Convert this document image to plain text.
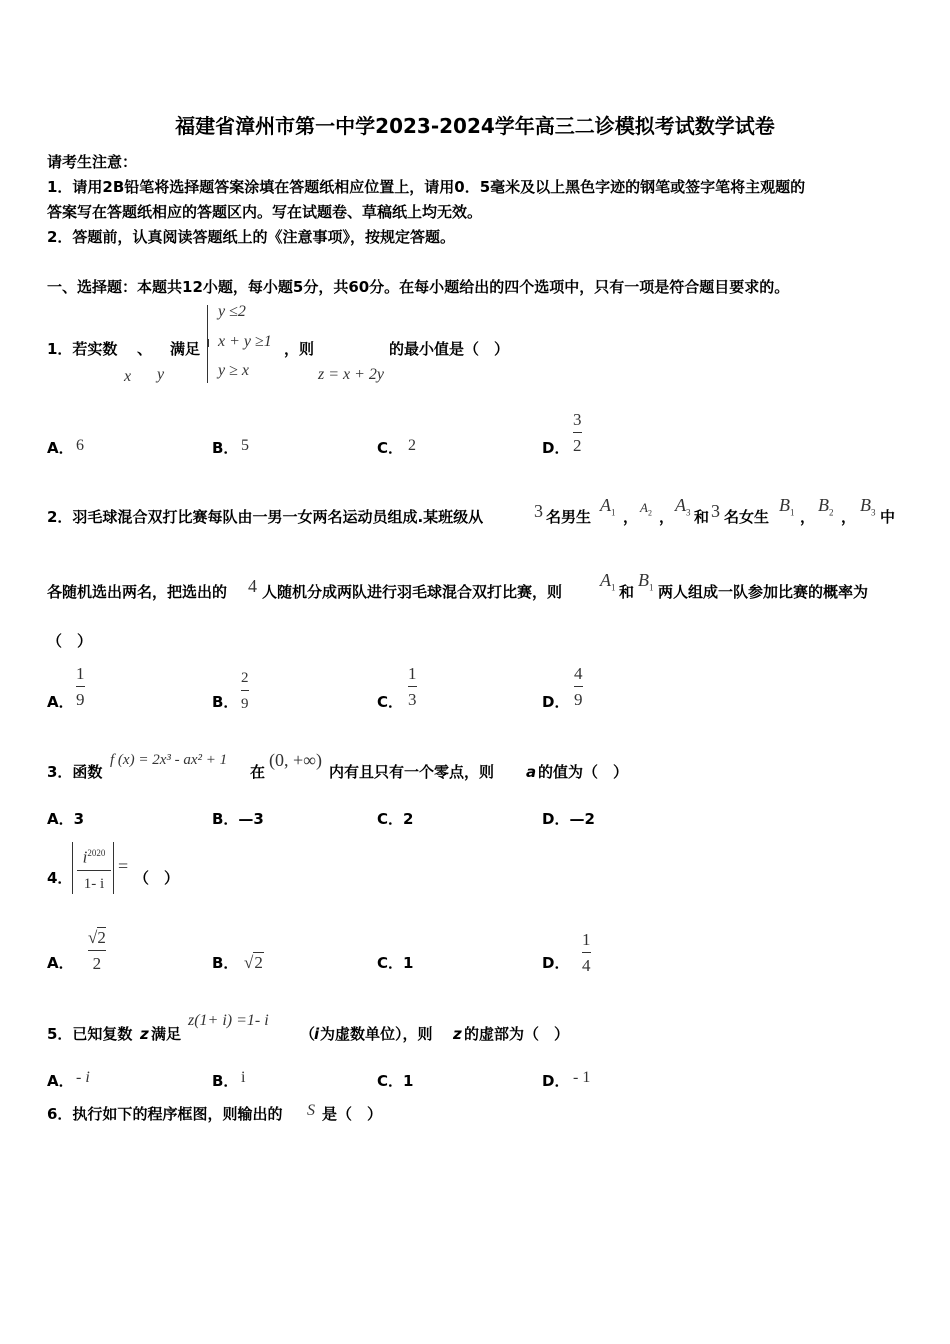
福建省漳州市第一中学2023-2024学年高三二诊模拟考试数学试卷
请考生注意：
1．请用2B铅笔将选择题答案涂填在答题纸相应位置上，请用0．5毫米及以上黑色字迹的钢笔或签字笔将主观题的
答案写在答题纸相应的答题区内。写在试题卷、草稿纸上均无效。
2．答题前，认真阅读答题纸上的《注意事项》，按规定答题。
一、选择题：本题共12小题，每小题5分，共60分。在每小题给出的四个选项中，只有一项是符合题目要求的。
1．若实数 、 满足
x y
y ≤2
x + y ≥1
y ≥ x
，则	的最小值是（　）
z = x + 2y
A． 6	B． 5	C． 2	D．
3
2
2．羽毛球混合双打比赛每队由一男一女两名运动员组成.某班级从	3 名男生
$A_1$ ，
$A_2$ ，
$A_3$ 和 3 名女生
$B_1$ ，
$B_2$ ，
$B_3$ 中
各随机选出两名，把选出的 4 人随机分成两队进行羽毛球混合双打比赛，则
$A_1$ 和
$B_1$ 两人组成一队参加比赛的概率为
（　）
A．
1
9	B．
2
9	C．
1
3	D．
4
9
3．函数
f (x) = 2x³ - ax² + 1
在
(0, +∞)
内有且只有一个零点，则 a 的值为（　）
A．3	B．—3	C．2	D．—2
4．
$i^{2020}$
1- i
=
（　）
A．
√2
2	B． √2	C．1	D．
1
4
5．已知复数 z 满足
z(1+ i) =1- i
（
i 为虚数单位），则 z 的虚部为（　）
A． - i	B． i	C．1	D． - 1
6．执行如下的程序框图，则输出的 S 是（　）
